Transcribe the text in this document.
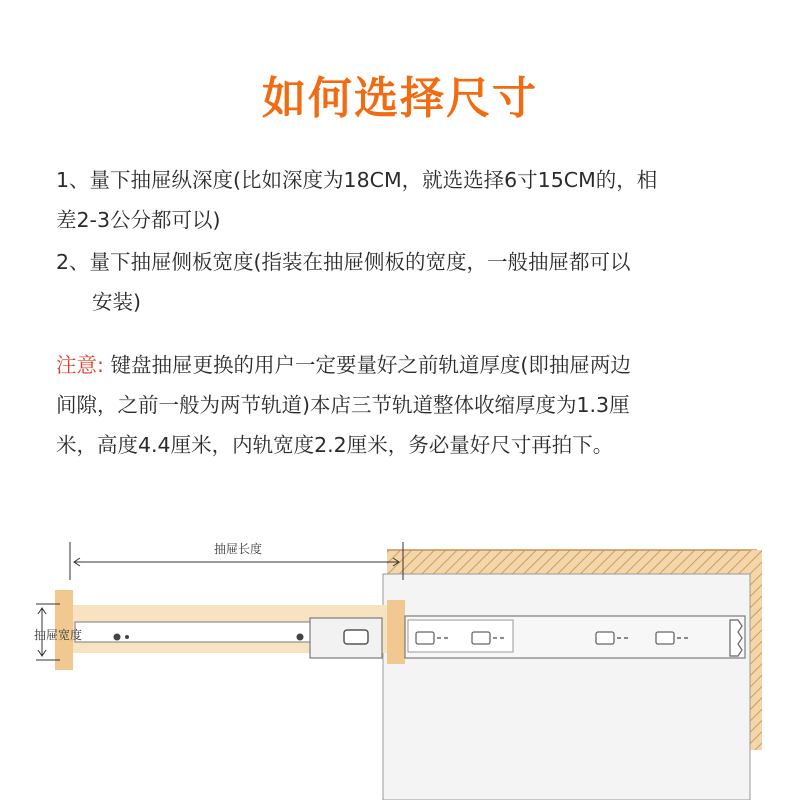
如何选择尺寸
1、量下抽屉纵深度(比如深度为18CM，就选选择6寸15CM的，相
差2-3公分都可以)
2、量下抽屉侧板宽度(指装在抽屉侧板的宽度，一般抽屉都可以
安装)
注意: 键盘抽屉更换的用户一定要量好之前轨道厚度(即抽屉两边
间隙，之前一般为两节轨道)本店三节轨道整体收缩厚度为1.3厘
米，高度4.4厘米，内轨宽度2.2厘米，务必量好尺寸再拍下。
抽屉长度
抽屉宽度
